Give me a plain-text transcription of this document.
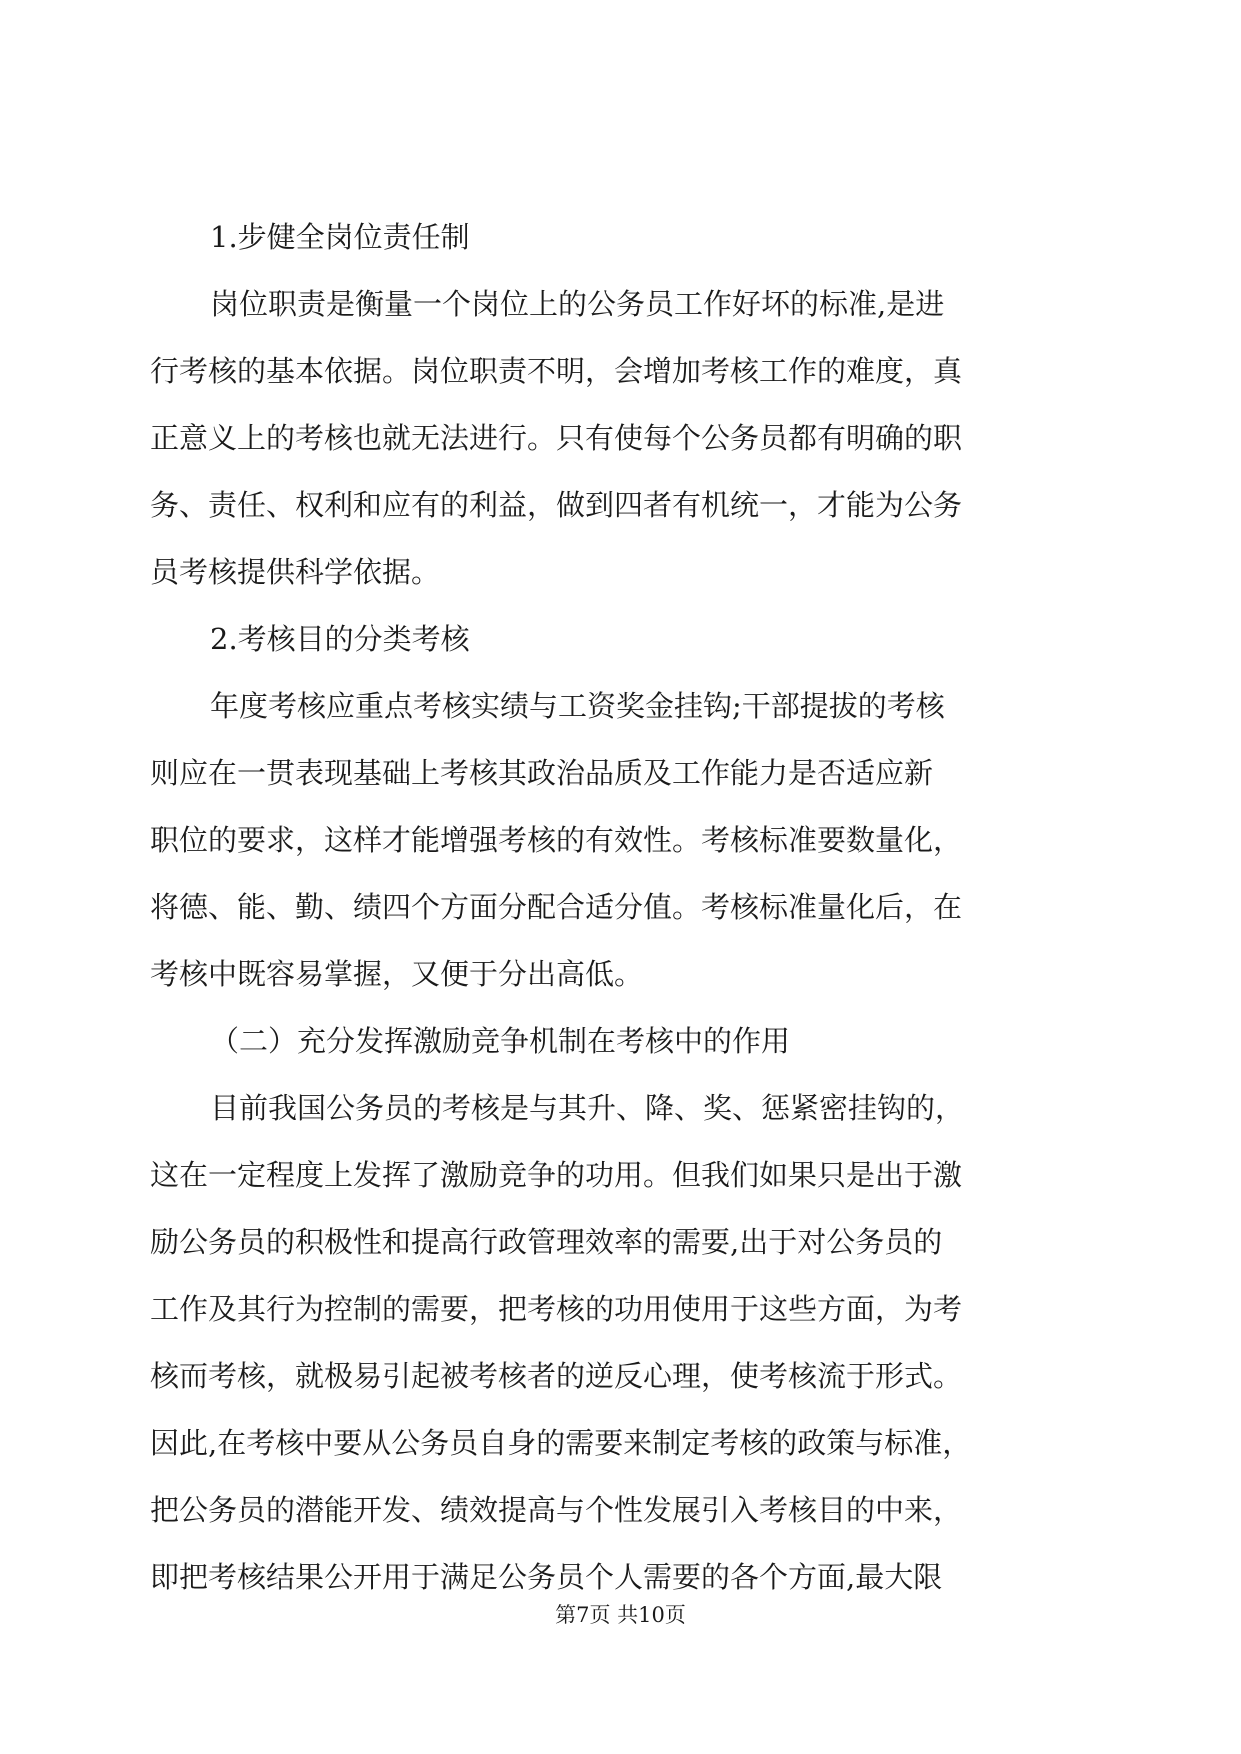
1.步健全岗位责任制
岗位职责是衡量一个岗位上的公务员工作好坏的标准,是进
行考核的基本依据。岗位职责不明，会增加考核工作的难度，真
正意义上的考核也就无法进行。只有使每个公务员都有明确的职
务、责任、权利和应有的利益，做到四者有机统一，才能为公务
员考核提供科学依据。
2.考核目的分类考核
年度考核应重点考核实绩与工资奖金挂钩;干部提拔的考核
则应在一贯表现基础上考核其政治品质及工作能力是否适应新
职位的要求，这样才能增强考核的有效性。考核标准要数量化，
将德、能、勤、绩四个方面分配合适分值。考核标准量化后，在
考核中既容易掌握，又便于分出高低。
（二）充分发挥激励竞争机制在考核中的作用
目前我国公务员的考核是与其升、降、奖、惩紧密挂钩的，
这在一定程度上发挥了激励竞争的功用。但我们如果只是出于激
励公务员的积极性和提高行政管理效率的需要,出于对公务员的
工作及其行为控制的需要，把考核的功用使用于这些方面，为考
核而考核，就极易引起被考核者的逆反心理，使考核流于形式。
因此,在考核中要从公务员自身的需要来制定考核的政策与标准，
把公务员的潜能开发、绩效提高与个性发展引入考核目的中来，
即把考核结果公开用于满足公务员个人需要的各个方面,最大限
第7页 共10页
